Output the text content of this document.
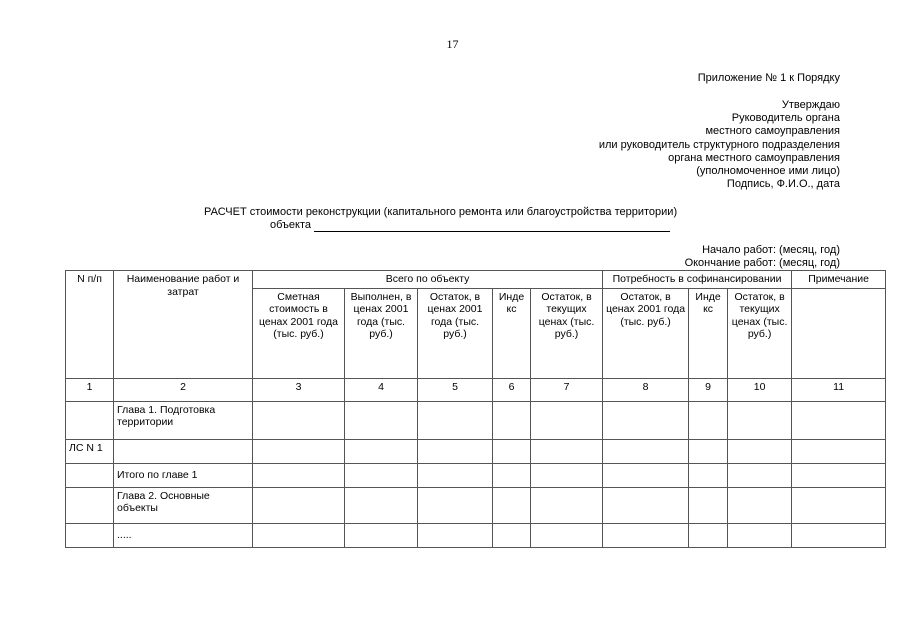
17
Приложение № 1 к Порядку
Утверждаю
Руководитель органа
местного самоуправления
или руководитель структурного подразделения
органа местного самоуправления
(уполномоченное ими лицо)
Подпись, Ф.И.О., дата
РАСЧЕТ стоимости реконструкции (капитального ремонта или благоустройства территории)
объекта
Начало работ: (месяц, год)
Окончание работ: (месяц, год)
N п/п	Наименование работ и затрат	Всего по объекту					Потребность в софинансировании			Примечание
		Сметная стоимость в ценах 2001 года (тыс. руб.)	Выполнен, в ценах 2001 года (тыс. руб.)	Остаток, в ценах 2001 года (тыс. руб.)	Инде кс	Остаток, в текущих ценах (тыс. руб.)	Остаток, в ценах 2001 года (тыс. руб.)	Инде кс	Остаток, в текущих ценах (тыс. руб.)	
1	2	3	4	5	6	7	8	9	10	11
	Глава 1. Подготовка территории									
ЛС N 1										
	Итого по главе 1									
	Глава 2. Основные объекты									
	.....									
